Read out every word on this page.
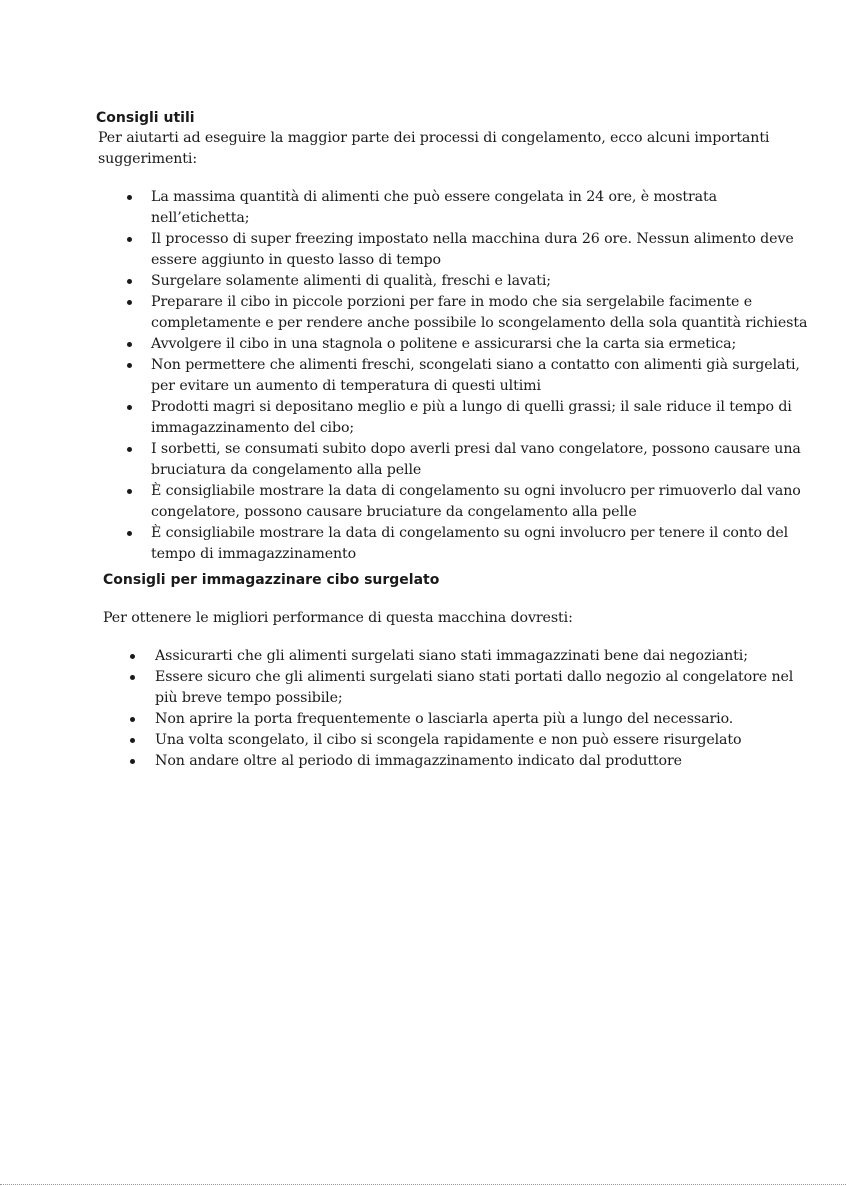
Consigli utili

Per aiutarti ad eseguire la maggior parte dei processi di congelamento, ecco alcuni importanti suggerimenti:

La massima quantità di alimenti che può essere congelata in 24 ore, è mostrata nell’etichetta;
Il processo di super freezing impostato nella macchina dura 26 ore. Nessun alimento deve essere aggiunto in questo lasso di tempo
Surgelare solamente alimenti di qualità, freschi e lavati;
Preparare il cibo in piccole porzioni per fare in modo che sia sergelabile facimente e completamente e per rendere anche possibile lo scongelamento della sola quantità richiesta
Avvolgere il cibo in una stagnola o politene e assicurarsi che la carta sia ermetica;
Non permettere che alimenti freschi, scongelati siano a contatto con alimenti già surgelati, per evitare un aumento di temperatura di questi ultimi
Prodotti magri si depositano meglio e più a lungo di quelli grassi; il sale riduce il tempo di immagazzinamento del cibo;
I sorbetti, se consumati subito dopo averli presi dal vano congelatore, possono causare una bruciatura da congelamento alla pelle
È consigliabile mostrare la data di congelamento su ogni involucro per rimuoverlo dal vano congelatore, possono causare bruciature da congelamento alla pelle
È consigliabile mostrare la data di congelamento su ogni involucro per tenere il conto del tempo di immagazzinamento
Consigli per immagazzinare cibo surgelato

Per ottenere le migliori performance di questa macchina dovresti:

Assicurarti che gli alimenti surgelati siano stati immagazzinati bene dai negozianti;
Essere sicuro che gli alimenti surgelati siano stati portati dallo negozio al congelatore nel più breve tempo possibile;
Non aprire la porta frequentemente o lasciarla aperta più a lungo del necessario.
Una volta scongelato, il cibo si scongela rapidamente e non può essere risurgelato
Non andare oltre al periodo di immagazzinamento indicato dal produttore
